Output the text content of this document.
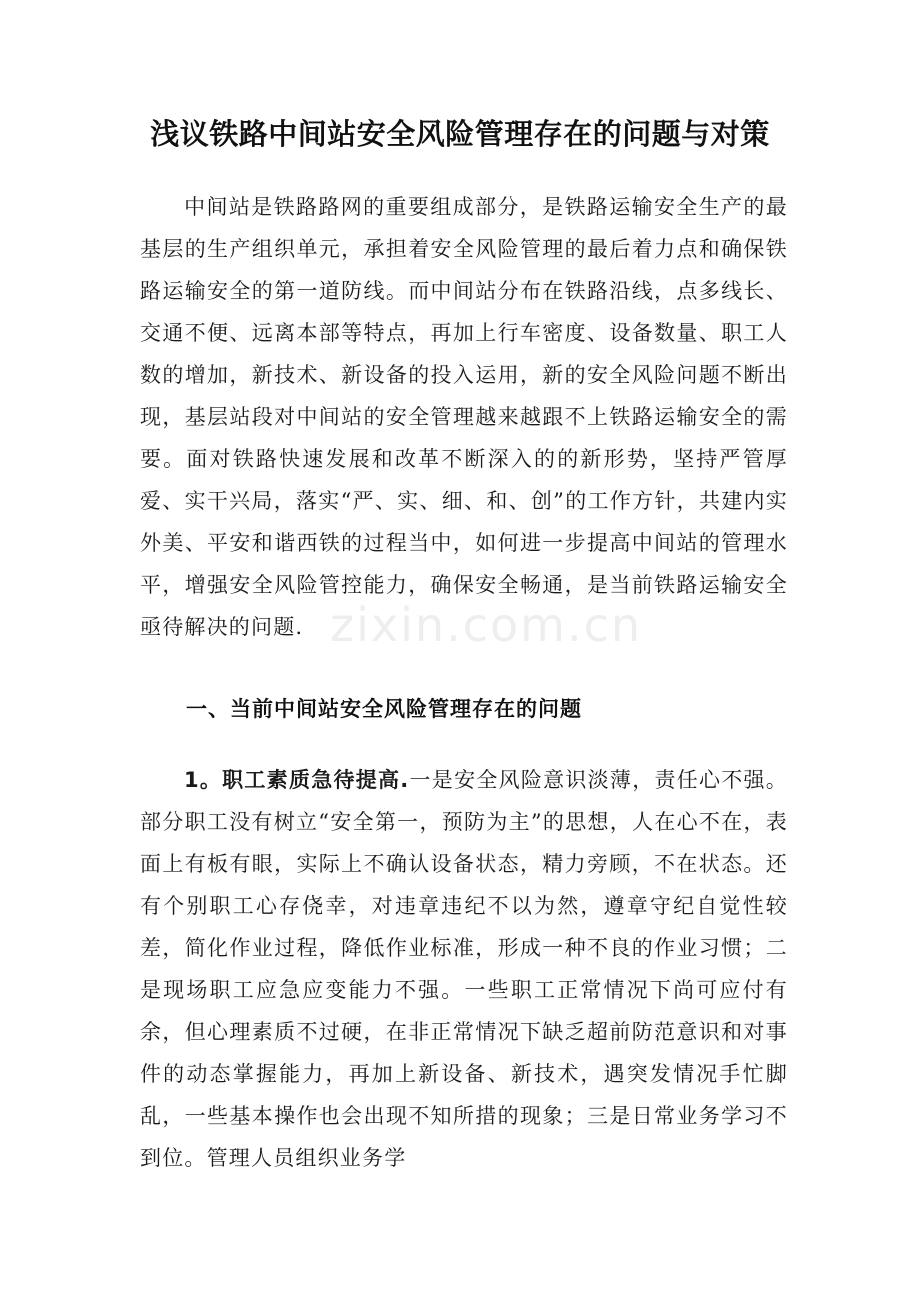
浅议铁路中间站安全风险管理存在的问题与对策

中间站是铁路路网的重要组成部分，是铁路运输安全生产的最基层的生产组织单元，承担着安全风险管理的最后着力点和确保铁路运输安全的第一道防线。而中间站分布在铁路沿线，点多线长、交通不便、远离本部等特点，再加上行车密度、设备数量、职工人数的增加，新技术、新设备的投入运用，新的安全风险问题不断出现，基层站段对中间站的安全管理越来越跟不上铁路运输安全的需要。面对铁路快速发展和改革不断深入的的新形势，坚持严管厚爱、实干兴局，落实“严、实、细、和、创”的工作方针，共建内实外美、平安和谐西铁的过程当中，如何进一步提高中间站的管理水平，增强安全风险管控能力，确保安全畅通，是当前铁路运输安全亟待解决的问题.

一、当前中间站安全风险管理存在的问题

1。职工素质急待提高.一是安全风险意识淡薄，责任心不强。部分职工没有树立“安全第一，预防为主”的思想，人在心不在，表面上有板有眼，实际上不确认设备状态，精力旁顾，不在状态。还有个别职工心存侥幸，对违章违纪不以为然，遵章守纪自觉性较差，简化作业过程，降低作业标准，形成一种不良的作业习惯；二是现场职工应急应变能力不强。一些职工正常情况下尚可应付有余，但心理素质不过硬，在非正常情况下缺乏超前防范意识和对事件的动态掌握能力，再加上新设备、新技术，遇突发情况手忙脚乱，一些基本操作也会出现不知所措的现象；三是日常业务学习不到位。管理人员组织业务学

zixin.com.cn
